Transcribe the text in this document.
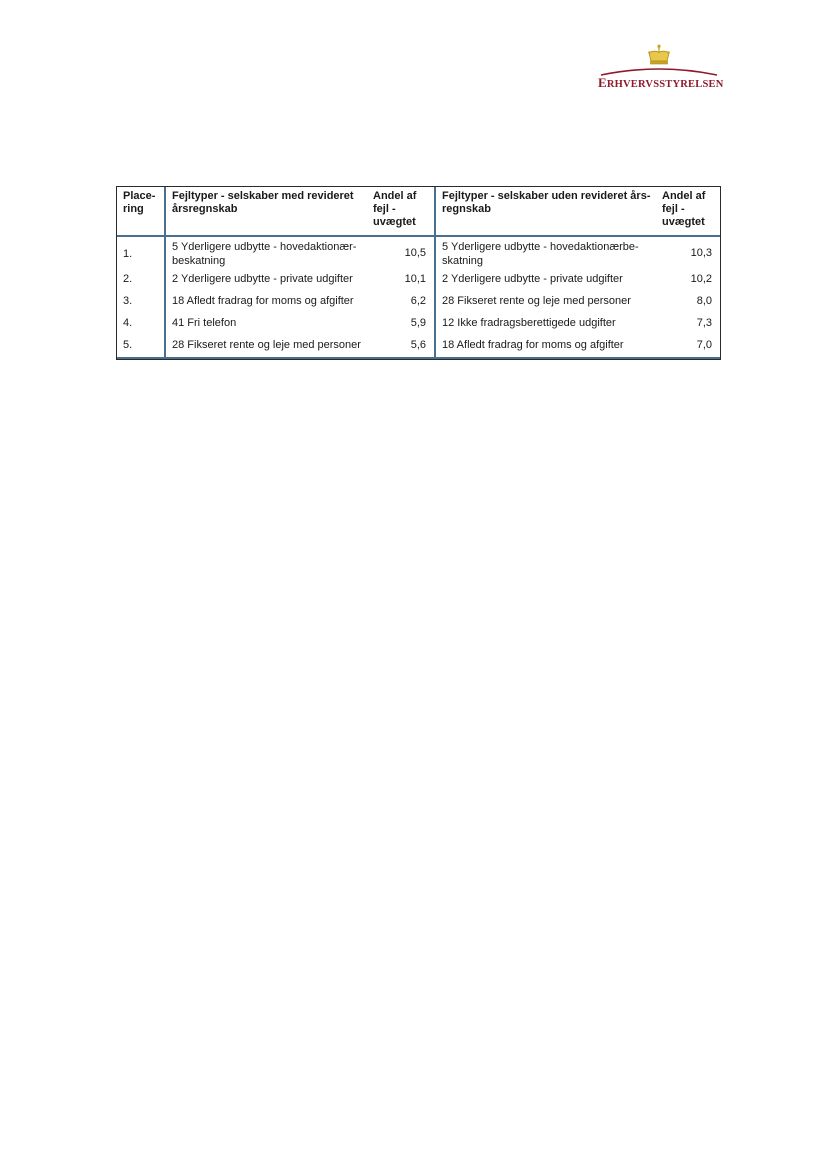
ERHVERVSSTYRELSEN
Place-
ring	Fejltyper - selskaber med revideret årsregnskab	Andel af fejl - uvægtet	Fejltyper - selskaber uden revideret års-regnskab	Andel af fejl - uvægtet
1.	5 Yderligere udbytte - hovedaktionær-beskatning	10,5	5 Yderligere udbytte - hovedaktionærbe-skatning	10,3
2.	2 Yderligere udbytte - private udgifter	10,1	2 Yderligere udbytte - private udgifter	10,2
3.	18 Afledt fradrag for moms og afgifter	6,2	28 Fikseret rente og leje med personer	8,0
4.	41 Fri telefon	5,9	12 Ikke fradragsberettigede udgifter	7,3
5.	28 Fikseret rente og leje med personer	5,6	18 Afledt fradrag for moms og afgifter	7,0
